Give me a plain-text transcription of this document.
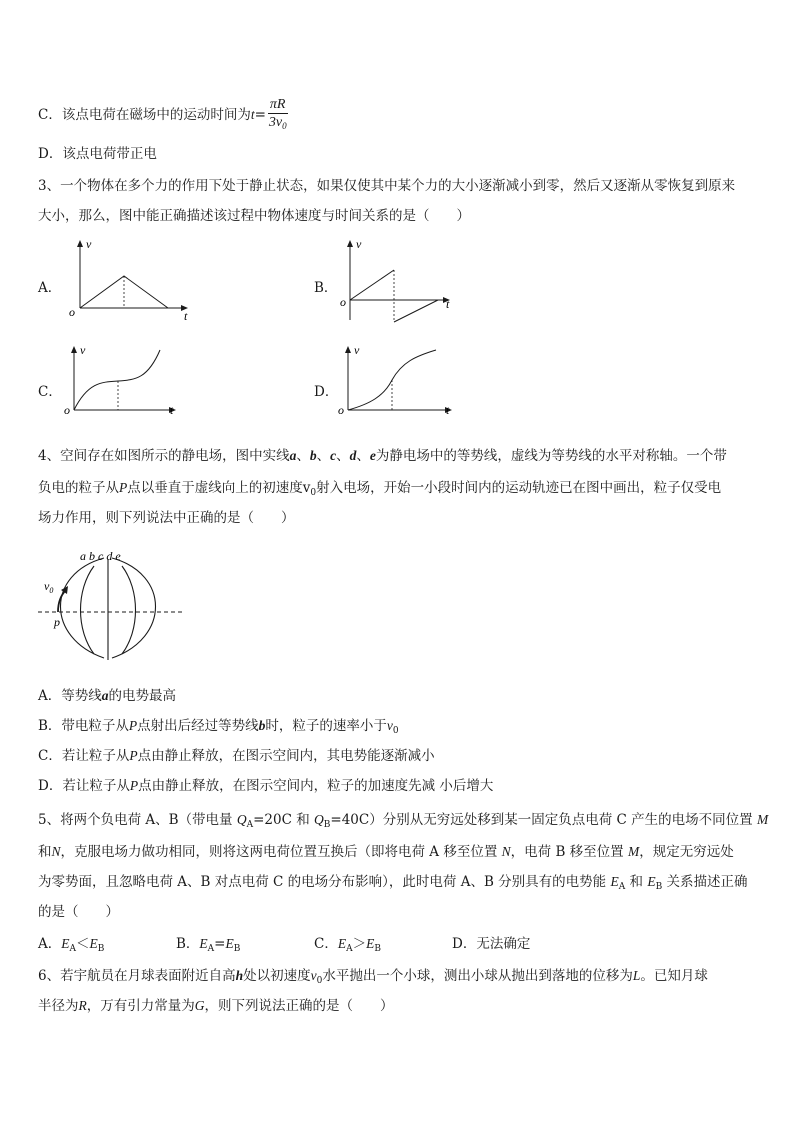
C．该点电荷在磁场中的运动时间为$t= \frac{\pi R}{3v_0}$
D．该点电荷带正电
3、一个物体在多个力的作用下处于静止状态，如果仅使其中某个力的大小逐渐减小到零，然后又逐渐从零恢复到原来
大小，那么，图中能正确描述该过程中物体速度与时间关系的是（　　）
A．	B．
C．	D．
v
t
o
v
t
o
v
t
o
v
t
o
4、空间存在如图所示的静电场，图中实线a、b、c、d、e为静电场中的等势线，虚线为等势线的水平对称轴。一个带
负电的粒子从P点以垂直于虚线向上的初速度$v_0$射入电场，开始一小段时间内的运动轨迹已在图中画出，粒子仅受电
场力作用，则下列说法中正确的是（　　）
a b c d e
$v_0$
p
A．等势线a的电势最高
B．带电粒子从P点射出后经过等势线b时，粒子的速率小于$v_0$
C．若让粒子从P点由静止释放，在图示空间内，其电势能逐渐减小
D．若让粒子从P点由静止释放，在图示空间内，粒子的加速度先减 小后增大
5、将两个负电荷 A、B（带电量 $Q_A=20C$ 和 $Q_B=40C$）分别从无穷远处移到某一固定负点电荷 C 产生的电场不同位置 M
和N，克服电场力做功相同，则将这两电荷位置互换后（即将电荷 A 移至位置 N，电荷 B 移至位置 M，规定无穷远处
为零势面，且忽略电荷 A、B 对点电荷 C 的电场分布影响），此时电荷 A、B 分别具有的电势能 $E_A$ 和 $E_B$ 关系描述正确
的是（　　）
A．$E_A<E_B$	B．$E_A=E_B$	C．$E_A>E_B$	D．无法确定
6、若宇航员在月球表面附近自高h处以初速度$v_0$水平抛出一个小球，测出小球从抛出到落地的位移为L。已知月球
半径为R，万有引力常量为G，则下列说法正确的是（　　）
